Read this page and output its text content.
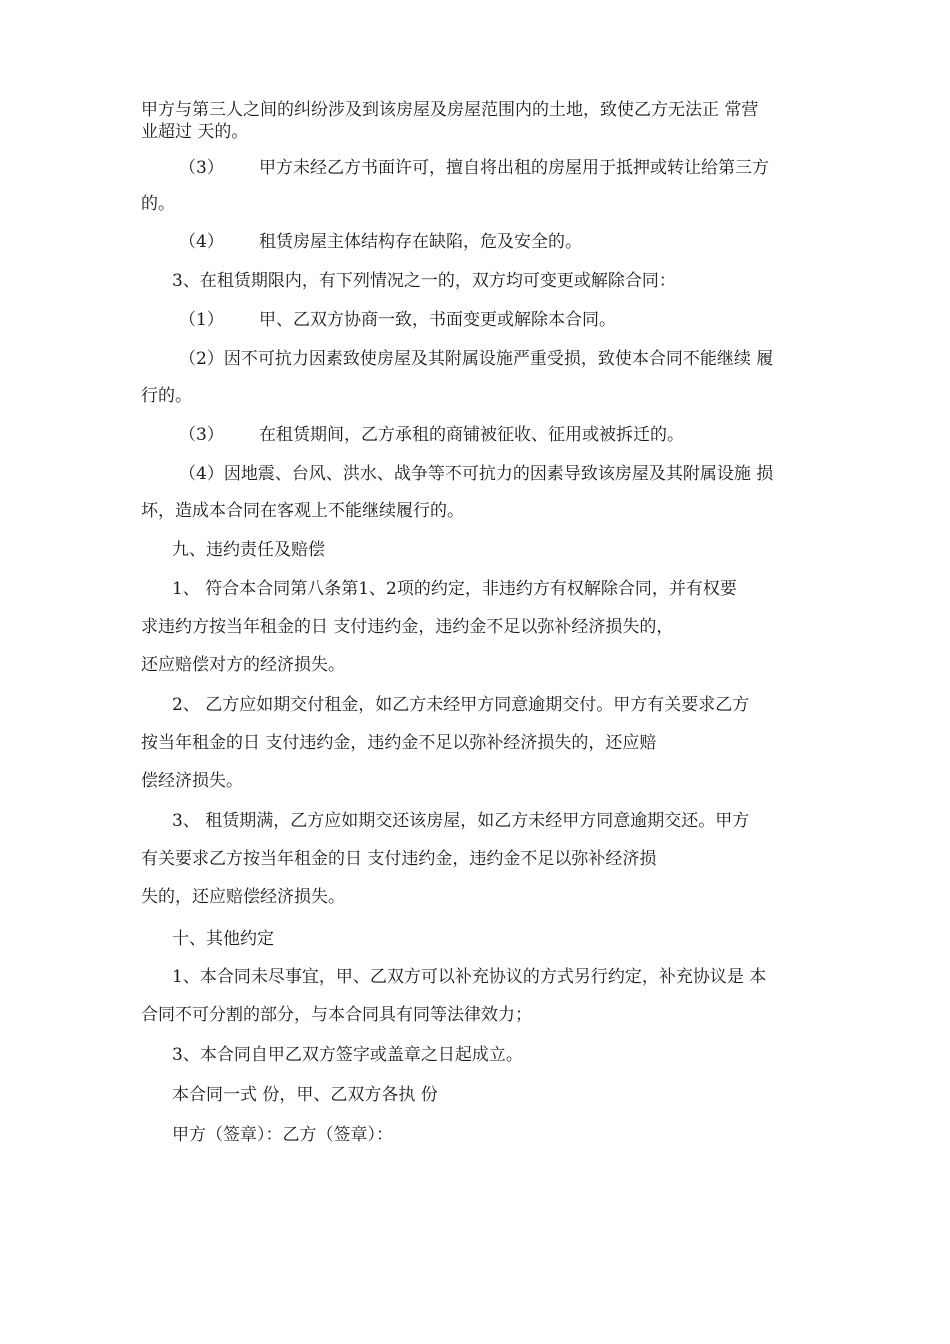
甲方与第三人之间的纠纷涉及到该房屋及房屋范围内的土地，致使乙方无法正 常营

业超过 天的。

（3） 甲方未经乙方书面许可，擅自将出租的房屋用于抵押或转让给第三方

的。

（4） 租赁房屋主体结构存在缺陷，危及安全的。

3、在租赁期限内，有下列情况之一的，双方均可变更或解除合同：

（1） 甲、乙双方协商一致，书面变更或解除本合同。

（2）因不可抗力因素致使房屋及其附属设施严重受损，致使本合同不能继续 履

行的。

（3） 在租赁期间，乙方承租的商铺被征收、征用或被拆迁的。

（4）因地震、台风、洪水、战争等不可抗力的因素导致该房屋及其附属设施 损

坏，造成本合同在客观上不能继续履行的。

九、违约责任及赔偿

1、 符合本合同第八条第1、2项的约定，非违约方有权解除合同，并有权要

求违约方按当年租金的日 支付违约金，违约金不足以弥补经济损失的，

还应赔偿对方的经济损失。

2、 乙方应如期交付租金，如乙方未经甲方同意逾期交付。甲方有关要求乙方

按当年租金的日 支付违约金，违约金不足以弥补经济损失的，还应赔

偿经济损失。

3、 租赁期满，乙方应如期交还该房屋，如乙方未经甲方同意逾期交还。甲方

有关要求乙方按当年租金的日 支付违约金，违约金不足以弥补经济损

失的，还应赔偿经济损失。

十、其他约定

1、本合同未尽事宜，甲、乙双方可以补充协议的方式另行约定，补充协议是 本

合同不可分割的部分，与本合同具有同等法律效力；

3、本合同自甲乙双方签字或盖章之日起成立。

本合同一式 份，甲、乙双方各执 份

甲方（签章）：乙方（签章）：
